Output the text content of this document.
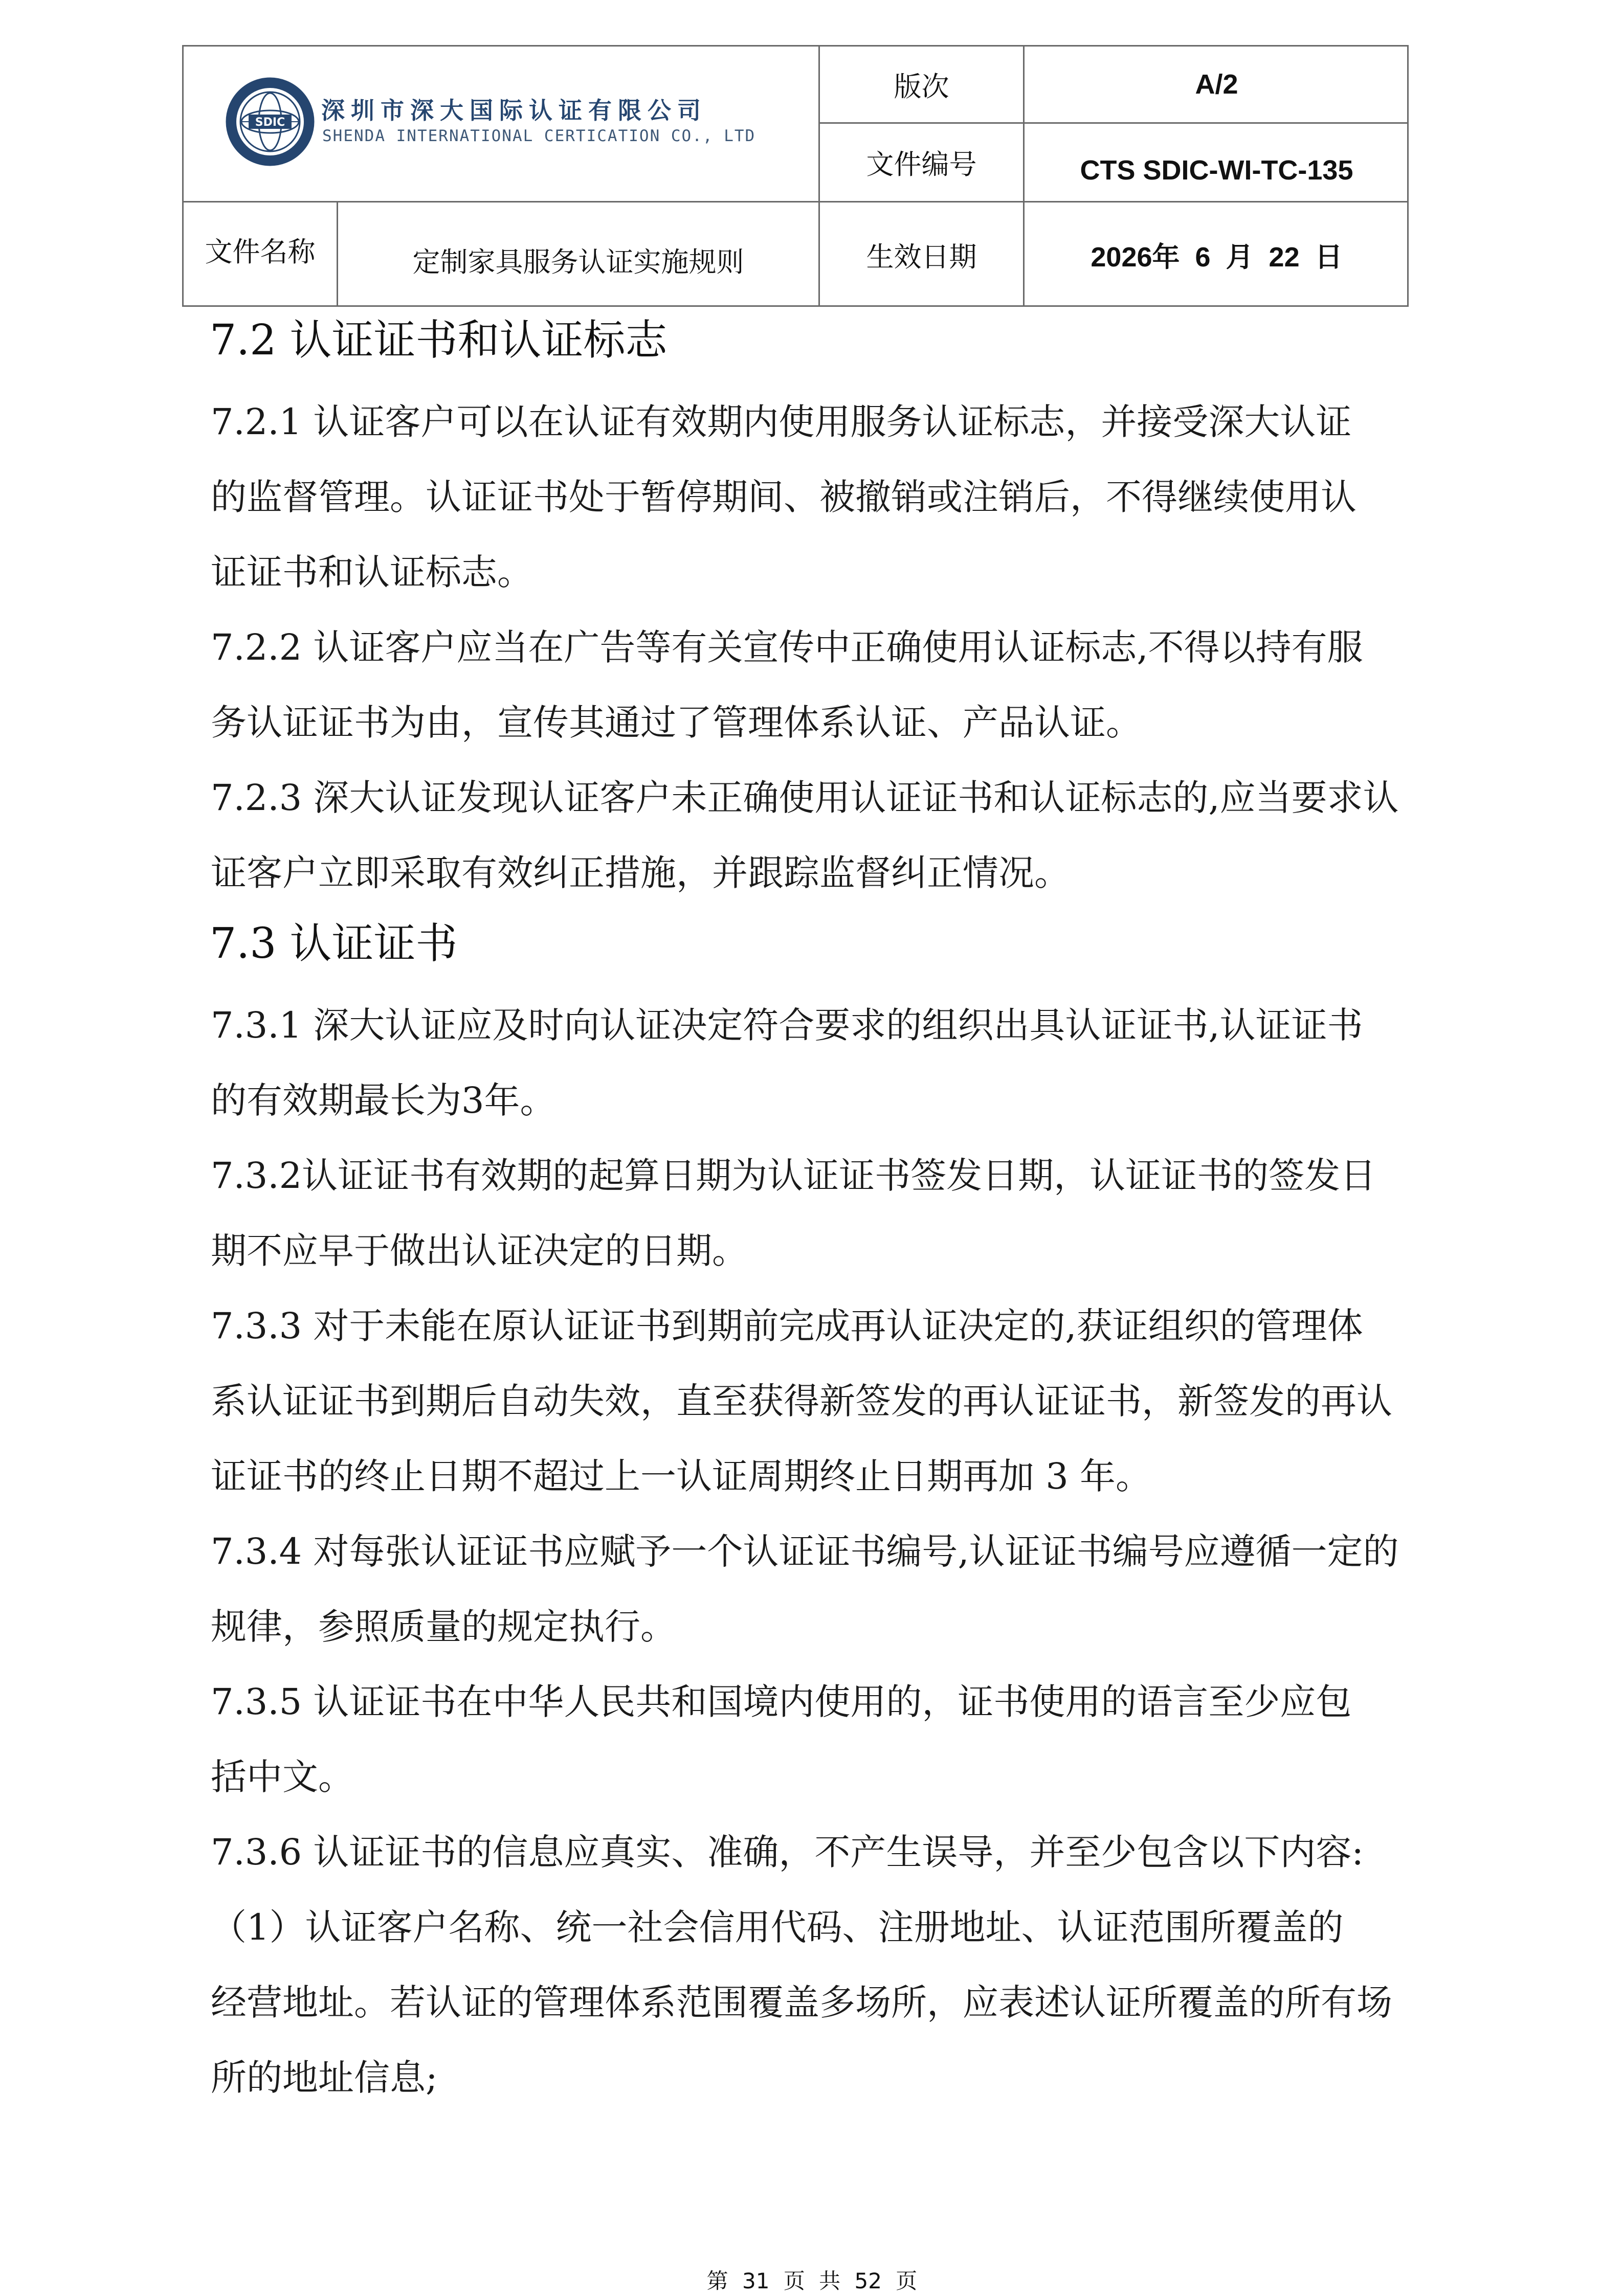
版次	A/2
文件编号	CTS SDIC-WI-TC-135
文件名称	定制家具服务认证实施规则	生效日期	2026年  6  月  22  日
SDIC 深圳市深大国际认证有限公司
SHENDA INTERNATIONAL CERTICATION CO., LTD
7.2 认证证书和认证标志
7.2.1 认证客户可以在认证有效期内使用服务认证标志，并接受深大认证
的监督管理。认证证书处于暂停期间、被撤销或注销后，不得继续使用认
证证书和认证标志。
7.2.2 认证客户应当在广告等有关宣传中正确使用认证标志,不得以持有服
务认证证书为由，宣传其通过了管理体系认证、产品认证。
7.2.3 深大认证发现认证客户未正确使用认证证书和认证标志的,应当要求认
证客户立即采取有效纠正措施，并跟踪监督纠正情况。
7.3 认证证书
7.3.1 深大认证应及时向认证决定符合要求的组织出具认证证书,认证证书
的有效期最长为3年。
7.3.2认证证书有效期的起算日期为认证证书签发日期，认证证书的签发日
期不应早于做出认证决定的日期。
7.3.3 对于未能在原认证证书到期前完成再认证决定的,获证组织的管理体
系认证证书到期后自动失效，直至获得新签发的再认证证书，新签发的再认
证证书的终止日期不超过上一认证周期终止日期再加 3 年。
7.3.4 对每张认证证书应赋予一个认证证书编号,认证证书编号应遵循一定的
规律，参照质量的规定执行。
7.3.5 认证证书在中华人民共和国境内使用的，证书使用的语言至少应包
括中文。
7.3.6 认证证书的信息应真实、准确，不产生误导，并至少包含以下内容:
（1）认证客户名称、统一社会信用代码、注册地址、认证范围所覆盖的
经营地址。若认证的管理体系范围覆盖多场所，应表述认证所覆盖的所有场
所的地址信息;
第 31 页 共 52 页
